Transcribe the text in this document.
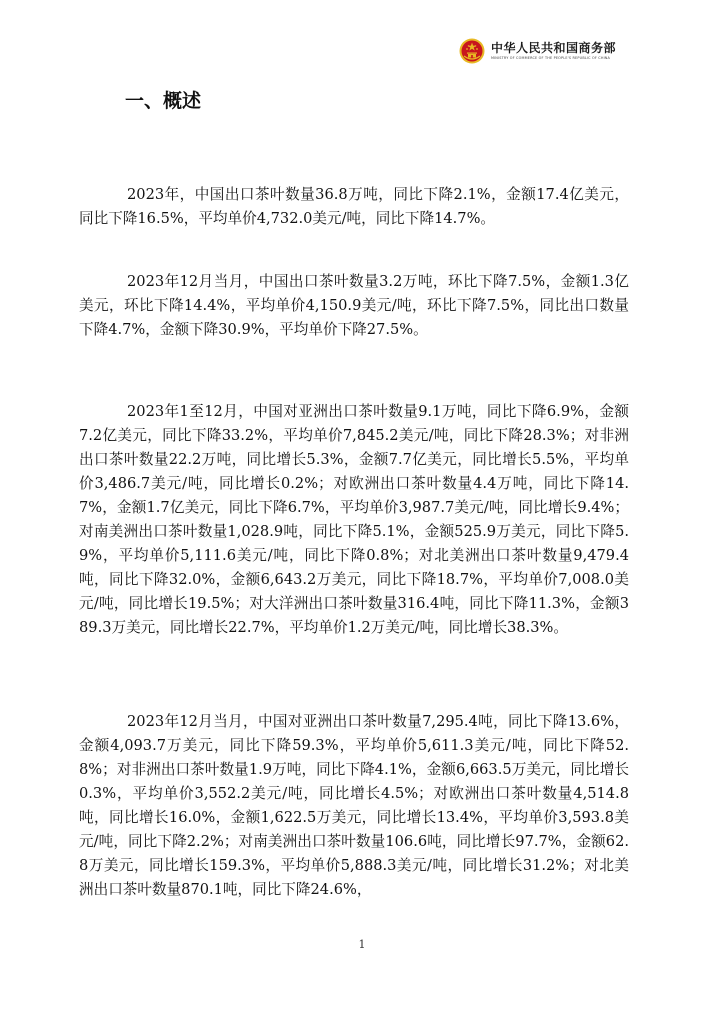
中华人民共和国商务部
MINISTRY OF COMMERCE OF THE PEOPLE'S REPUBLIC OF CHINA
一、概述

2023年，中国出口茶叶数量36.8万吨，同比下降2.1%，金额17.4亿美元，同比下降16.5%，平均单价4,732.0美元/吨，同比下降14.7%。

2023年12月当月，中国出口茶叶数量3.2万吨，环比下降7.5%，金额1.3亿美元，环比下降14.4%，平均单价4,150.9美元/吨，环比下降7.5%，同比出口数量下降4.7%，金额下降30.9%，平均单价下降27.5%。

2023年1至12月，中国对亚洲出口茶叶数量9.1万吨，同比下降6.9%，金额7.2亿美元，同比下降33.2%，平均单价7,845.2美元/吨，同比下降28.3%；对非洲出口茶叶数量22.2万吨，同比增长5.3%，金额7.7亿美元，同比增长5.5%，平均单价3,486.7美元/吨，同比增长0.2%；对欧洲出口茶叶数量4.4万吨，同比下降14.7%，金额1.7亿美元，同比下降6.7%，平均单价3,987.7美元/吨，同比增长9.4%；对南美洲出口茶叶数量1,028.9吨，同比下降5.1%，金额525.9万美元，同比下降5.9%，平均单价5,111.6美元/吨，同比下降0.8%；对北美洲出口茶叶数量9,479.4吨，同比下降32.0%，金额6,643.2万美元，同比下降18.7%，平均单价7,008.0美元/吨，同比增长19.5%；对大洋洲出口茶叶数量316.4吨，同比下降11.3%，金额389.3万美元，同比增长22.7%，平均单价1.2万美元/吨，同比增长38.3%。

2023年12月当月，中国对亚洲出口茶叶数量7,295.4吨，同比下降13.6%，金额4,093.7万美元，同比下降59.3%，平均单价5,611.3美元/吨，同比下降52.8%；对非洲出口茶叶数量1.9万吨，同比下降4.1%，金额6,663.5万美元，同比增长0.3%，平均单价3,552.2美元/吨，同比增长4.5%；对欧洲出口茶叶数量4,514.8吨，同比增长16.0%，金额1,622.5万美元，同比增长13.4%，平均单价3,593.8美元/吨，同比下降2.2%；对南美洲出口茶叶数量106.6吨，同比增长97.7%，金额62.8万美元，同比增长159.3%，平均单价5,888.3美元/吨，同比增长31.2%；对北美洲出口茶叶数量870.1吨，同比下降24.6%，

1
